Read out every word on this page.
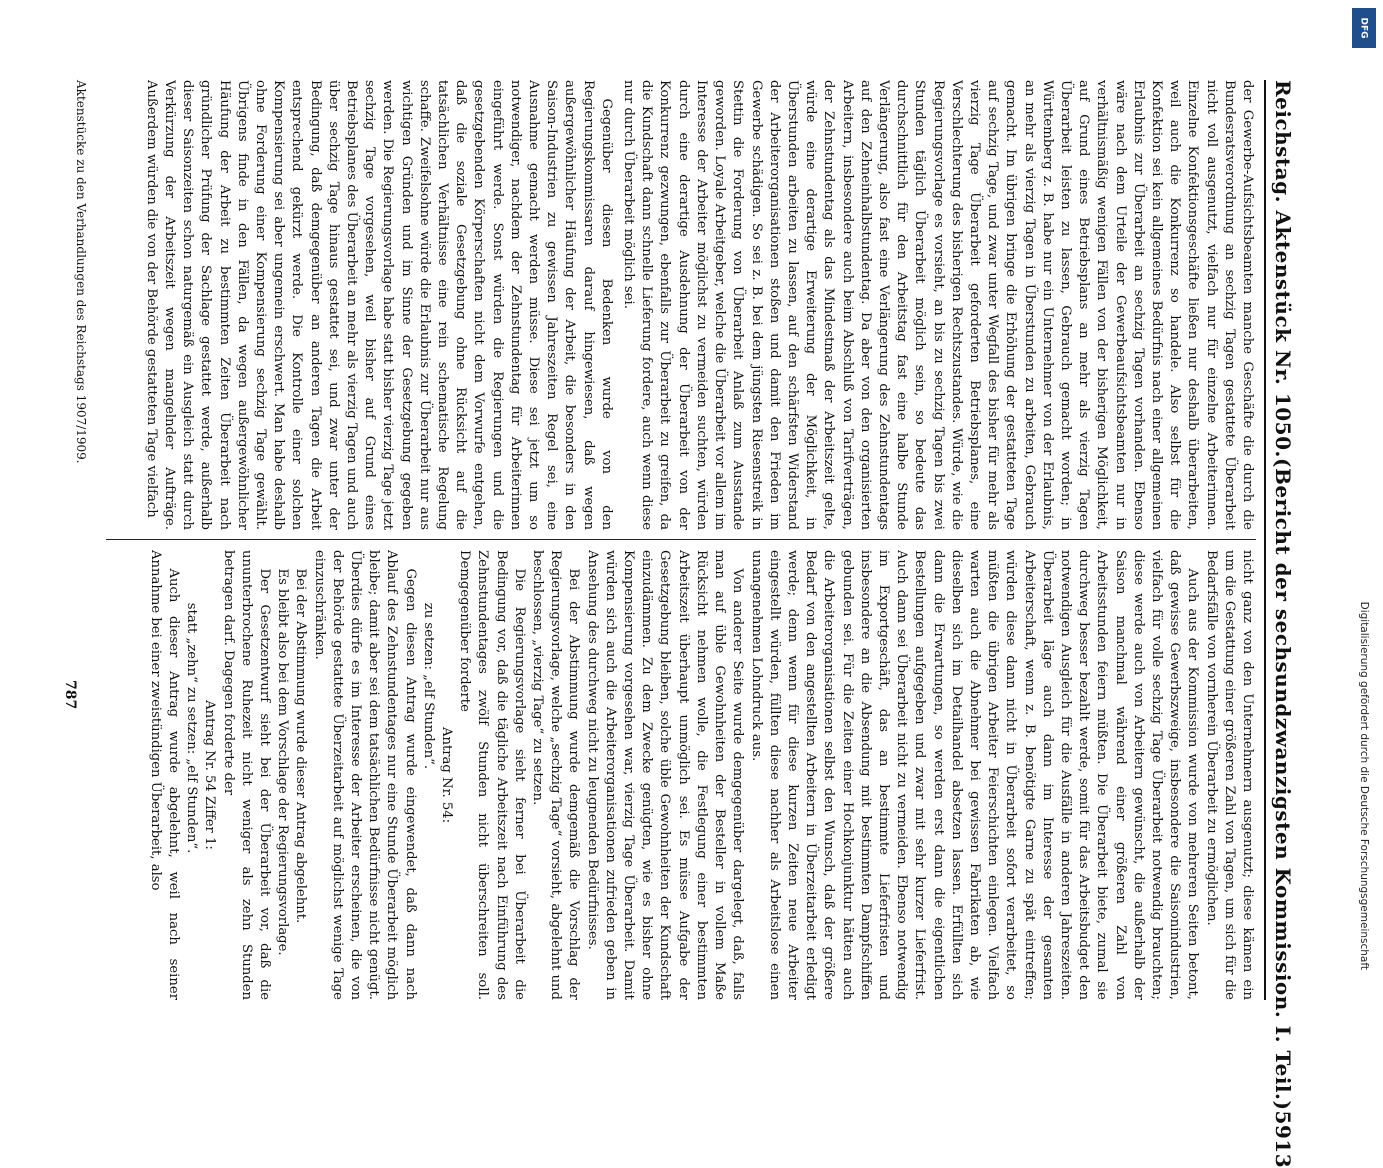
Reichstag. Aktenstück Nr. 1050.
(Bericht der sechsundzwanzigsten Kommission. I. Teil.)
5913

der Gewerbe-Aufsichtsbeamten manche Geschäfte die durch die Bundesratsverordnung an sechzig Tagen gestattete Überarbeit nicht voll ausgenutzt, vielfach nur für einzelne Arbeiterinnen. Einzelne Konfektionsgeschäfte ließen nur deshalb überarbeiten, weil auch die Konkurrenz so handele. Also selbst für die Konfektion sei kein allgemeines Bedürfnis nach einer allgemeinen Erlaubnis zur Überarbeit an sechzig Tagen vorhanden. Ebenso wäre nach dem Urteile der Gewerbeaufsichtsbeamten nur in verhältnismäßig wenigen Fällen von der bisherigen Möglichkeit, auf Grund eines Betriebsplans an mehr als vierzig Tagen Überarbeit leisten zu lassen, Gebrauch gemacht worden; in Württemberg z. B. habe nur ein Unternehmer von der Erlaubnis, an mehr als vierzig Tagen in Überstunden zu arbeiten, Gebrauch gemacht. Im übrigen bringe die Erhöhung der gestatteten Tage auf sechzig Tage, und zwar unter Wegfall des bisher für mehr als vierzig Tage Überarbeit geforderten Betriebsplanes, eine Verschlechterung des bisherigen Rechtszustandes. Würde, wie die Regierungsvorlage es vorsieht, an bis zu sechzig Tagen bis zwei Stunden täglich Überarbeit möglich sein, so bedeute das durchschnittlich für den Arbeitstag fast eine halbe Stunde Verlängerung, also fast eine Verlängerung des Zehnstundentags auf den Zehneinhalbstundentag. Da aber von den organisierten Arbeitern, insbesondere auch beim Abschluß von Tarifverträgen, der Zehnstundentag als das Mindestmaß der Arbeitszeit gelte, würde eine derartige Erweiterung der Möglichkeit, in Überstunden arbeiten zu lassen, auf den schärfsten Widerstand der Arbeiterorganisationen stoßen und damit den Frieden im Gewerbe schädigen. So sei z. B. bei dem jüngsten Riesenstreik in Stettin die Forderung von Überarbeit Anlaß zum Ausstande geworden. Loyale Arbeitgeber, welche die Überarbeit vor allem im Interesse der Arbeiter möglichst zu vermeiden suchten, würden durch eine derartige Ausdehnung der Überarbeit von der Konkurrenz gezwungen, ebenfalls zur Überarbeit zu greifen, da die Kundschaft dann schnelle Lieferung fordere, auch wenn diese nur durch Überarbeit möglich sei.

Gegenüber diesen Bedenken wurde von den Regierungskommissaren darauf hingewiesen, daß wegen außergewöhnlicher Häufung der Arbeit, die besonders in den Saison-Industrien zu gewissen Jahreszeiten Regel sei, eine Ausnahme gemacht werden müsse. Diese sei jetzt um so notwendiger, nachdem der Zehnstundentag für Arbeiterinnen eingeführt werde. Sonst würden die Regierungen und die gesetzgebenden Körperschaften nicht dem Vorwurfe entgehen, daß die soziale Gesetzgebung ohne Rücksicht auf die tatsächlichen Verhältnisse eine rein schematische Regelung schaffe. Zweifelsohne würde die Erlaubnis zur Überarbeit nur aus wichtigen Gründen und im Sinne der Gesetzgebung gegeben werden. Die Regierungsvorlage habe statt bisher vierzig Tage jetzt sechzig Tage vorgesehen, weil bisher auf Grund eines Betriebsplanes des Überarbeit an mehr als vierzig Tagen und auch über sechzig Tage hinaus gestattet sei, und zwar unter der Bedingung, daß demgegenüber an anderen Tagen die Arbeit entsprechend gekürzt werde. Die Kontrolle einer solchen Kompensierung sei aber ungemein erschwert. Man habe deshalb ohne Forderung einer Kompensierung sechzig Tage gewählt. Übrigens finde in den Fällen, da wegen außergewöhnlicher Häufung der Arbeit zu bestimmten Zeiten Überarbeit nach gründlicher Prüfung der Sachlage gestattet werde, außerhalb dieser Saisonzeiten schon naturgemäß ein Ausgleich statt durch Verkürzung der Arbeitszeit wegen mangelnder Aufträge. Außerdem würden die von der Behörde gestatteten Tage vielfach

nicht ganz von den Unternehmern ausgenutzt; diese kämen ein um die Gestattung einer größeren Zahl von Tagen, um sich für die Bedarfsfälle von vornherein Überarbeit zu ermöglichen.

Auch aus der Kommission wurde von mehreren Seiten betont, daß gewisse Gewerbszweige, insbesondere die Saisonindustrien, vielfach für volle sechzig Tage Überarbeit notwendig brauchten; diese werde auch von Arbeitern gewünscht, die außerhalb der Saison manchmal während einer größeren Zahl von Arbeitsstunden feiern müßten. Die Überarbeit biete, zumal sie durchweg besser bezahlt werde, somit für das Arbeitsbudget den notwendigen Ausgleich für die Ausfälle in anderen Jahreszeiten. Überarbeit läge auch dann im Interesse der gesamten Arbeiterschaft, wenn z. B. benötigte Garne zu spät eintreffen; würden diese dann nicht in Überarbeit sofort verarbeitet, so müßten die übrigen Arbeiter Feierschichten einlegen. Vielfach warten auch die Abnehmer bei gewissen Fabrikaten ab, wie dieselben sich im Detailhandel absetzen lassen. Erfüllten sich dann die Erwartungen, so werden erst dann die eigentlichen Bestellungen aufgegeben und zwar mit sehr kurzer Lieferfrist. Auch dann sei Überarbeit nicht zu vermeiden. Ebenso notwendig im Exportgeschäft, das an bestimmte Lieferfristen und insbesondere an die Absendung mit bestimmten Dampfschiffen gebunden sei. Für die Zeiten einer Hochkonjunktur hätten auch die Arbeiterorganisationen selbst den Wunsch, daß der größere Bedarf von den angestellten Arbeitern in Überzeitarbeit erledigt werde; denn wenn für diese kurzen Zeiten neue Arbeiter eingestellt würden, füllten diese nachher als Arbeitslose einen unangenehmen Lohndruck aus.

Von anderer Seite wurde demgegenüber dargelegt, daß, falls man auf üble Gewohnheiten der Besteller in vollem Maße Rücksicht nehmen wolle, die Festlegung einer bestimmten Arbeitszeit überhaupt unmöglich sei. Es müsse Aufgabe der Gesetzgebung bleiben, solche üble Gewohnheiten der Kundschaft einzudämmen. Zu dem Zwecke genügten, wie es bisher ohne Kompensierung vorgesehen war, vierzig Tage Überarbeit. Damit würden sich auch die Arbeiterorganisationen zufrieden geben in Ansehung des durchweg nicht zu leugnenden Bedürfnisses.

Bei der Abstimmung wurde demgemäß die Vorschlag der Regierungsvorlage, welche „sechzig Tage“ vorsieht, abgelehnt und beschlossen, „vierzig Tage“ zu setzen.

Die Regierungsvorlage sieht ferner bei Überarbeit die Bedingung vor, daß die tägliche Arbeitszeit nach Einführung des Zehnstundentages zwölf Stunden nicht überschreiten soll. Demgegenüber forderte

Antrag Nr. 54:

zu setzen: „elf Stunden“.

Gegen diesen Antrag wurde eingewendet, daß dann nach Ablauf des Zehnstundentages nur eine Stunde Überarbeit möglich bleibe; damit aber sei dem tatsächlichen Bedürfnisse nicht genügt. Überdies dürfe es im Interesse der Arbeiter erscheinen, die von der Behörde gestattete Überzeitarbeit auf möglichst wenige Tage einzuschränken.

Bei der Abstimmung wurde dieser Antrag abgelehnt.

Es bleibt also bei dem Vorschlage der Regierungsvorlage.

Der Gesetzentwurf sieht bei der Überarbeit vor, daß die ununterbrochene Ruhezeit nicht weniger als zehn Stunden betragen darf. Dagegen forderte der

Antrag Nr. 54 Ziffer 1:

statt „zehn“ zu setzen: „elf Stunden“.

Auch dieser Antrag wurde abgelehnt, weil nach seiner Annahme bei einer zweistündigen Überarbeit, also

Aktenstücke zu den Verhandlungen des Reichstags 1907/1909.
787
DFG
Digitalisierung gefördert durch die Deutsche Forschungsgemeinschaft
